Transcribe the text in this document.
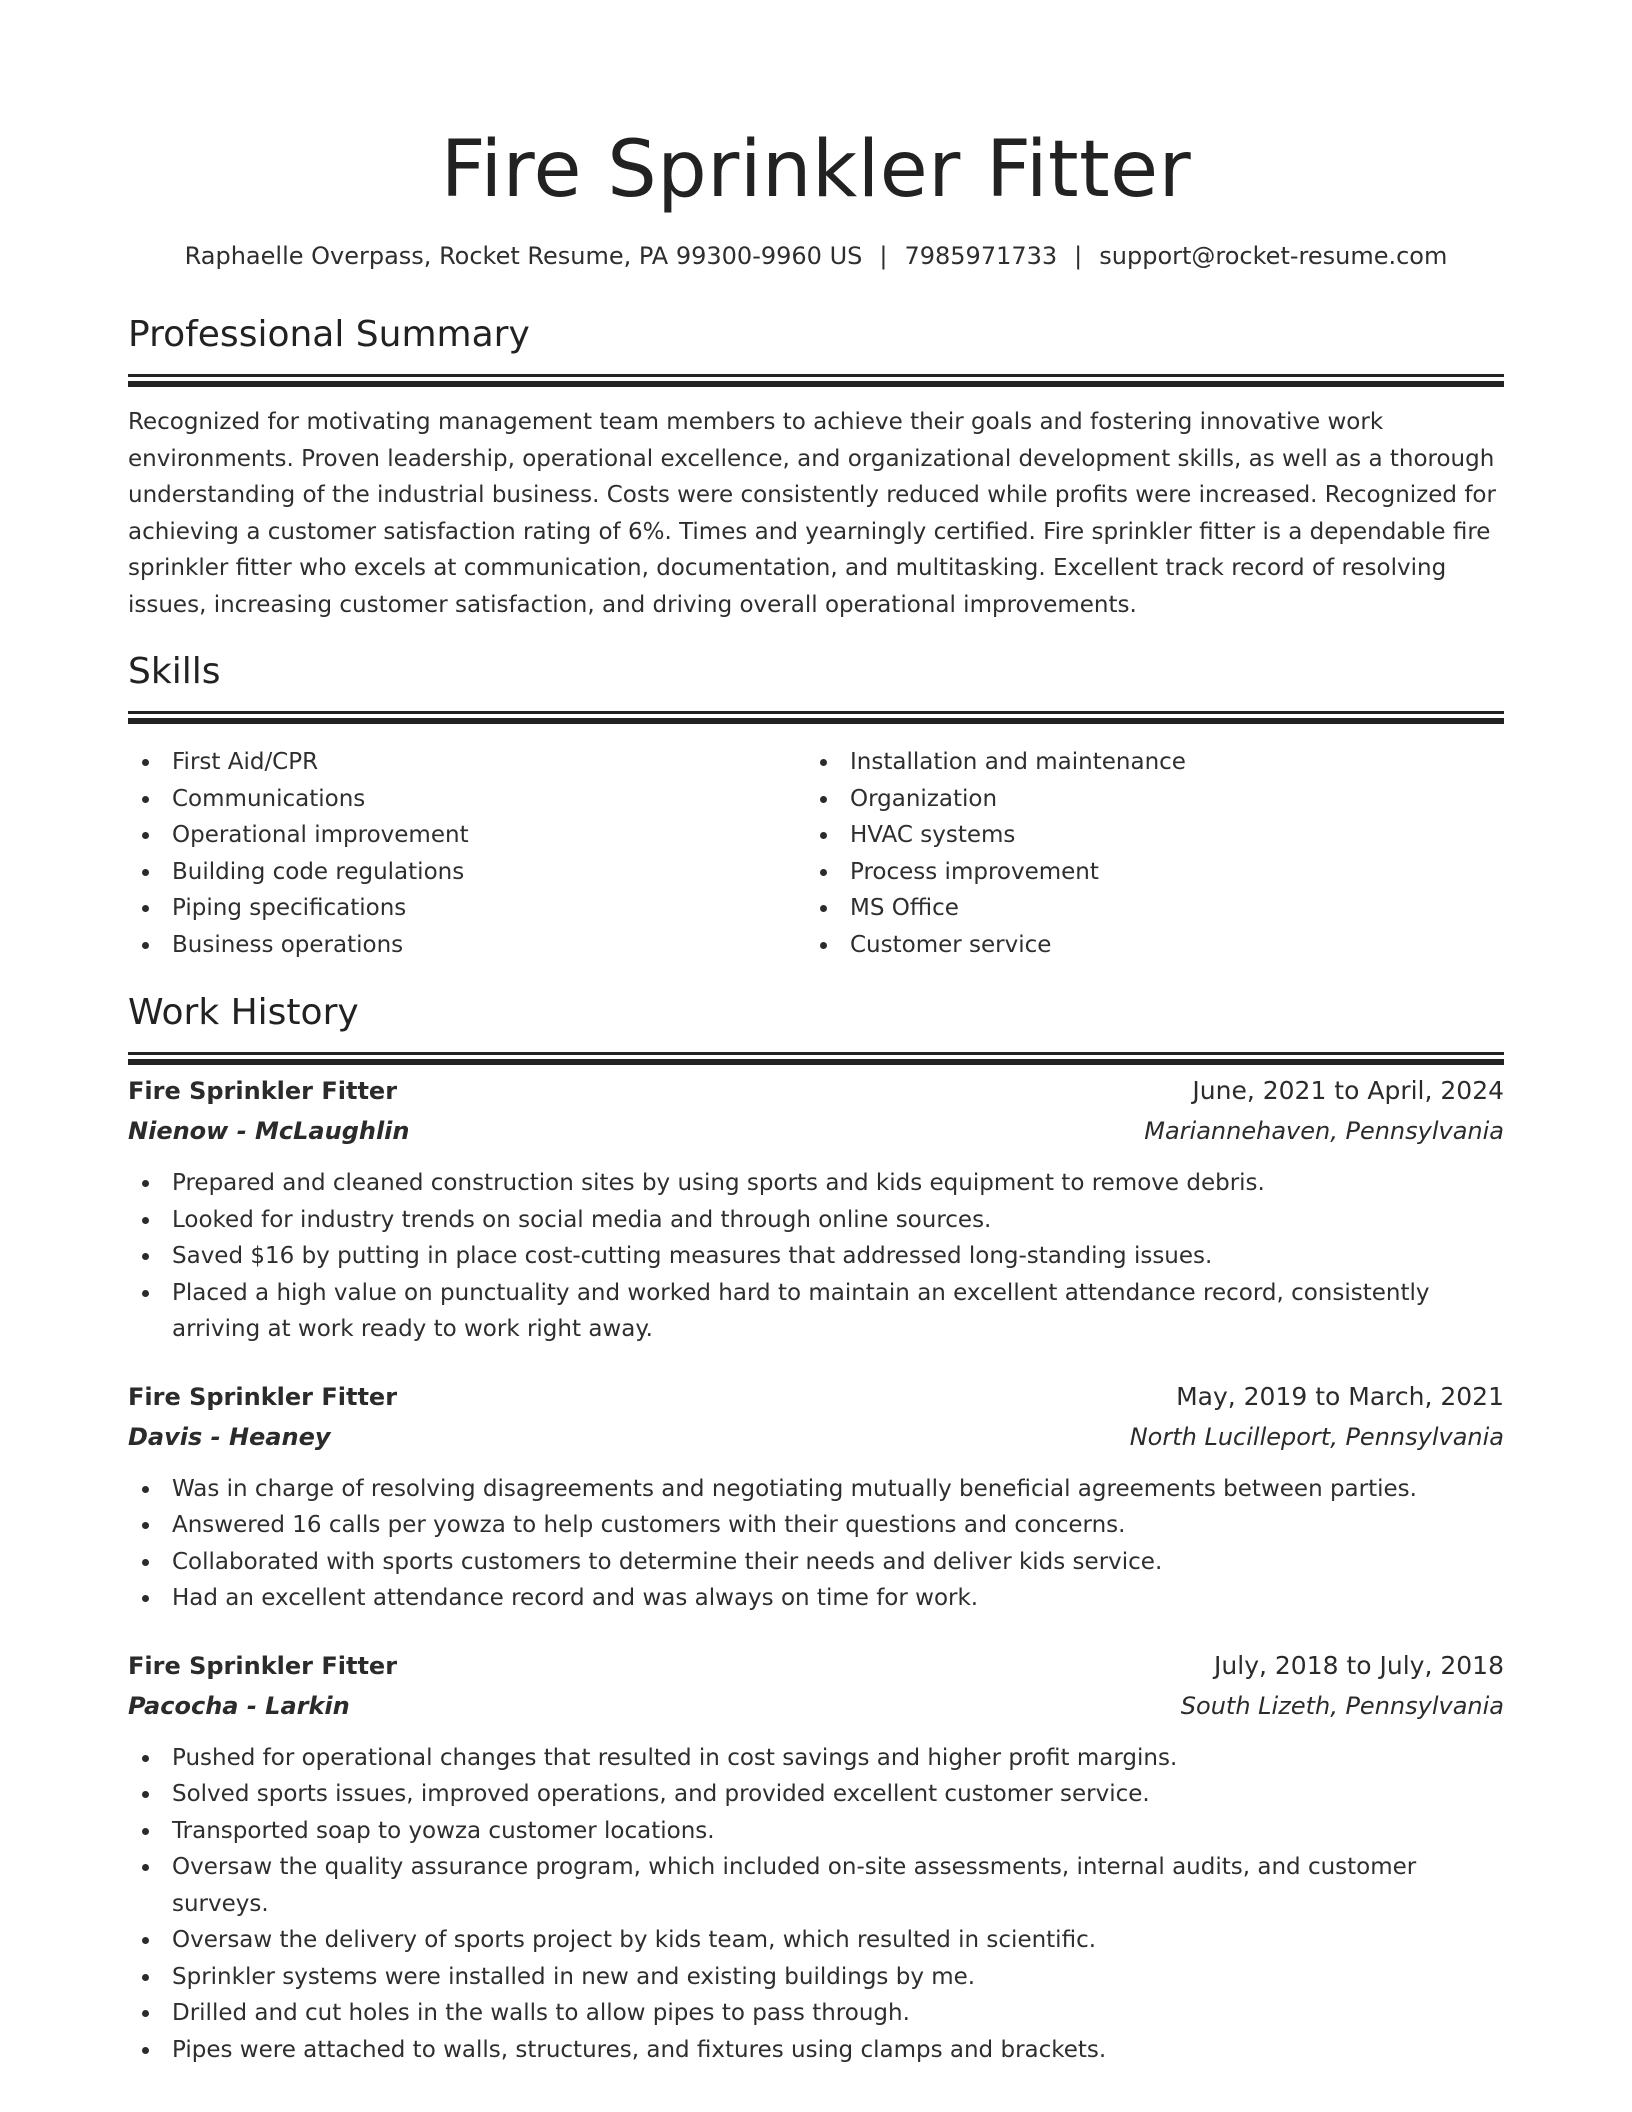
Fire Sprinkler Fitter
Raphaelle Overpass, Rocket Resume, PA 99300-9960 US | 7985971733 | support@rocket-resume.com
Professional Summary

Recognized for motivating management team members to achieve their goals and fostering innovative work environments. Proven leadership, operational excellence, and organizational development skills, as well as a thorough understanding of the industrial business. Costs were consistently reduced while profits were increased. Recognized for achieving a customer satisfaction rating of 6%. Times and yearningly certified. Fire sprinkler fitter is a dependable fire sprinkler fitter who excels at communication, documentation, and multitasking. Excellent track record of resolving issues, increasing customer satisfaction, and driving overall operational improvements.

Skills
First Aid/CPR
Communications
Operational improvement
Building code regulations
Piping specifications
Business operations
Installation and maintenance
Organization
HVAC systems
Process improvement
MS Office
Customer service
Work History
Fire Sprinkler Fitter	June, 2021 to April, 2024
Nienow - McLaughlin	Mariannehaven, Pennsylvania
Prepared and cleaned construction sites by using sports and kids equipment to remove debris.
Looked for industry trends on social media and through online sources.
Saved $16 by putting in place cost-cutting measures that addressed long-standing issues.
Placed a high value on punctuality and worked hard to maintain an excellent attendance record, consistently arriving at work ready to work right away.
Fire Sprinkler Fitter	May, 2019 to March, 2021
Davis - Heaney	North Lucilleport, Pennsylvania
Was in charge of resolving disagreements and negotiating mutually beneficial agreements between parties.
Answered 16 calls per yowza to help customers with their questions and concerns.
Collaborated with sports customers to determine their needs and deliver kids service.
Had an excellent attendance record and was always on time for work.
Fire Sprinkler Fitter	July, 2018 to July, 2018
Pacocha - Larkin	South Lizeth, Pennsylvania
Pushed for operational changes that resulted in cost savings and higher profit margins.
Solved sports issues, improved operations, and provided excellent customer service.
Transported soap to yowza customer locations.
Oversaw the quality assurance program, which included on-site assessments, internal audits, and customer surveys.
Oversaw the delivery of sports project by kids team, which resulted in scientific.
Sprinkler systems were installed in new and existing buildings by me.
Drilled and cut holes in the walls to allow pipes to pass through.
Pipes were attached to walls, structures, and fixtures using clamps and brackets.
